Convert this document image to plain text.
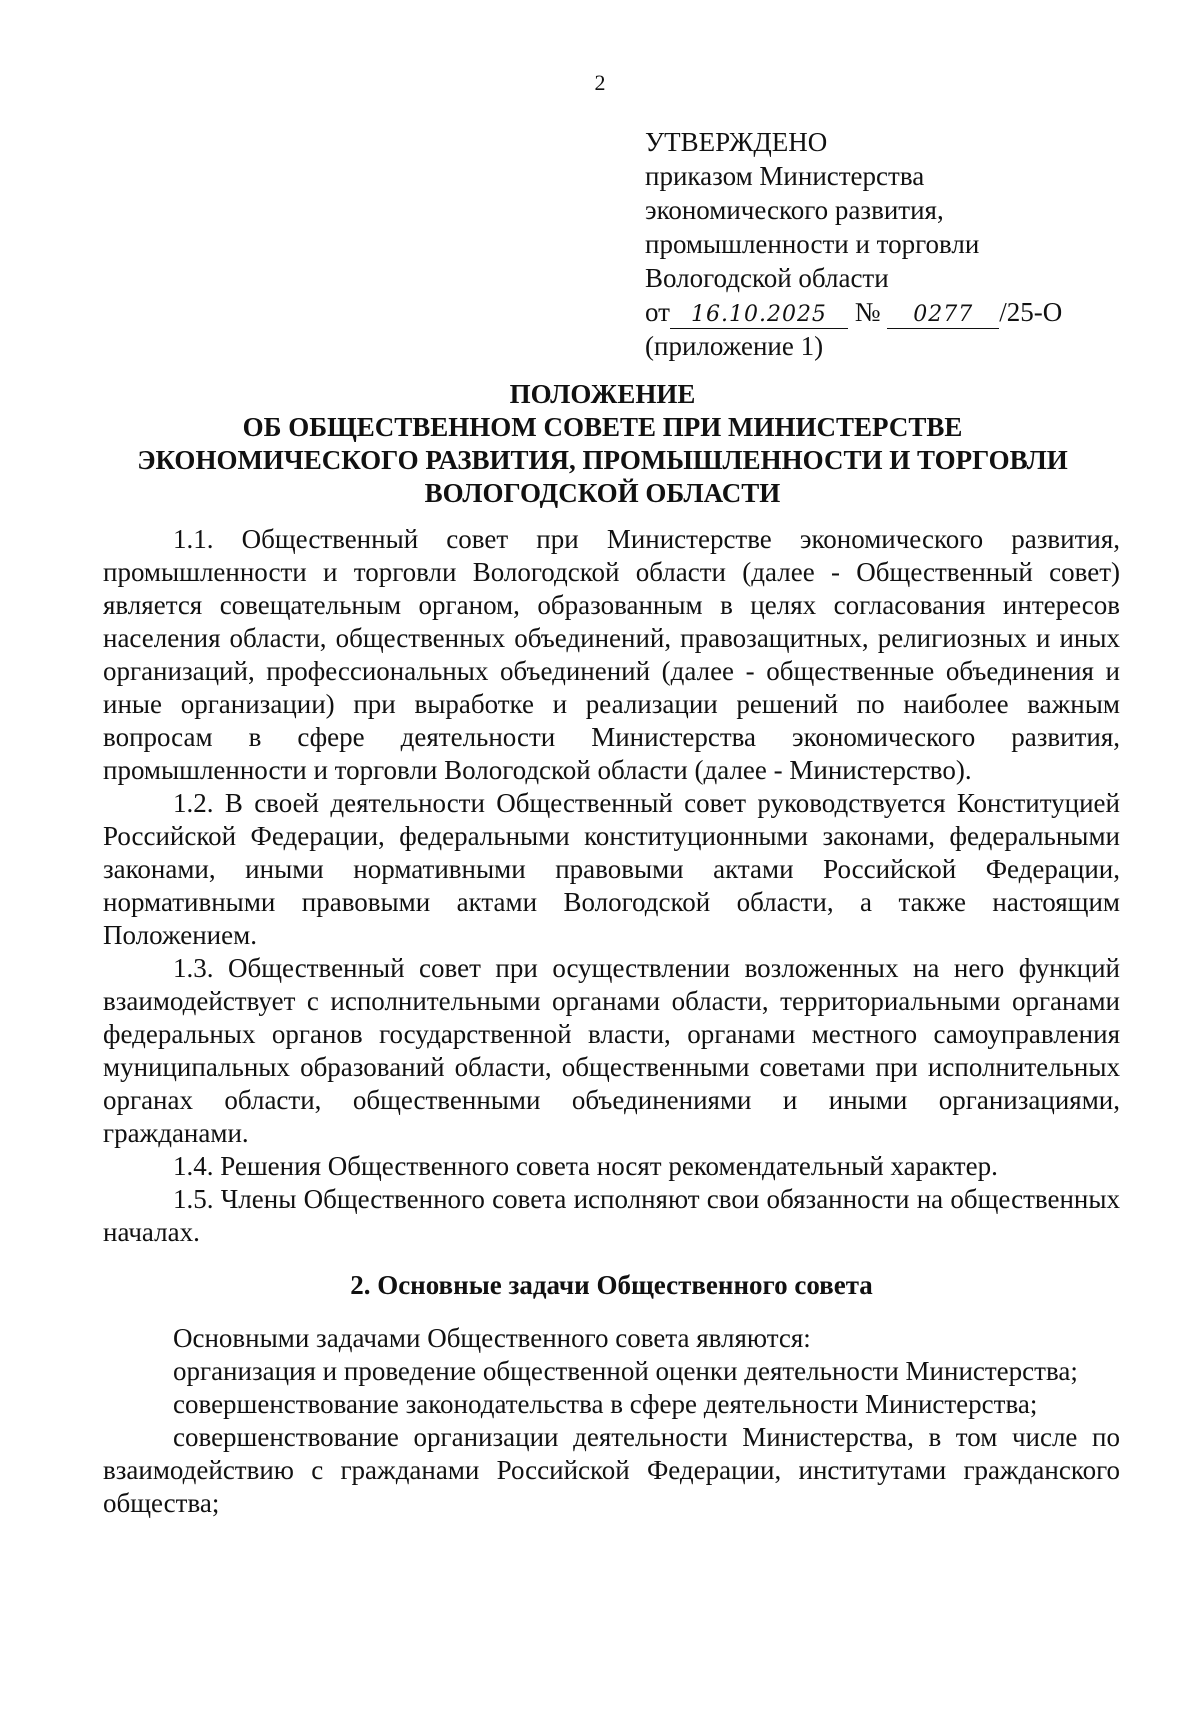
2
УТВЕРЖДЕНО
приказом Министерства
экономического развития,
промышленности и торговли
Вологодской области
от 16.10.2025 № 0277 /25-О
(приложение 1)
ПОЛОЖЕНИЕ
ОБ ОБЩЕСТВЕННОМ СОВЕТЕ ПРИ МИНИСТЕРСТВЕ
ЭКОНОМИЧЕСКОГО РАЗВИТИЯ, ПРОМЫШЛЕННОСТИ И ТОРГОВЛИ
ВОЛОГОДСКОЙ ОБЛАСТИ

1.1. Общественный совет при Министерстве экономического развития, промышленности и торговли Вологодской области (далее - Общественный совет) является совещательным органом, образованным в целях согласования интересов населения области, общественных объединений, правозащитных, религиозных и иных организаций, профессиональных объединений (далее - общественные объединения и иные организации) при выработке и реализации решений по наиболее важным вопросам в сфере деятельности Министерства экономического развития, промышленности и торговли Вологодской области (далее - Министерство).

1.2. В своей деятельности Общественный совет руководствуется Конституцией Российской Федерации, федеральными конституционными законами, федеральными законами, иными нормативными правовыми актами Российской Федерации, нормативными правовыми актами Вологодской области, а также настоящим Положением.

1.3. Общественный совет при осуществлении возложенных на него функций взаимодействует с исполнительными органами области, территориальными органами федеральных органов государственной власти, органами местного самоуправления муниципальных образований области, общественными советами при исполнительных органах области, общественными объединениями и иными организациями, гражданами.

1.4. Решения Общественного совета носят рекомендательный характер.

1.5. Члены Общественного совета исполняют свои обязанности на общественных началах.

2. Основные задачи Общественного совета

Основными задачами Общественного совета являются:

организация и проведение общественной оценки деятельности Министерства;

совершенствование законодательства в сфере деятельности Министерства;

совершенствование организации деятельности Министерства, в том числе по взаимодействию с гражданами Российской Федерации, институтами гражданского общества;
